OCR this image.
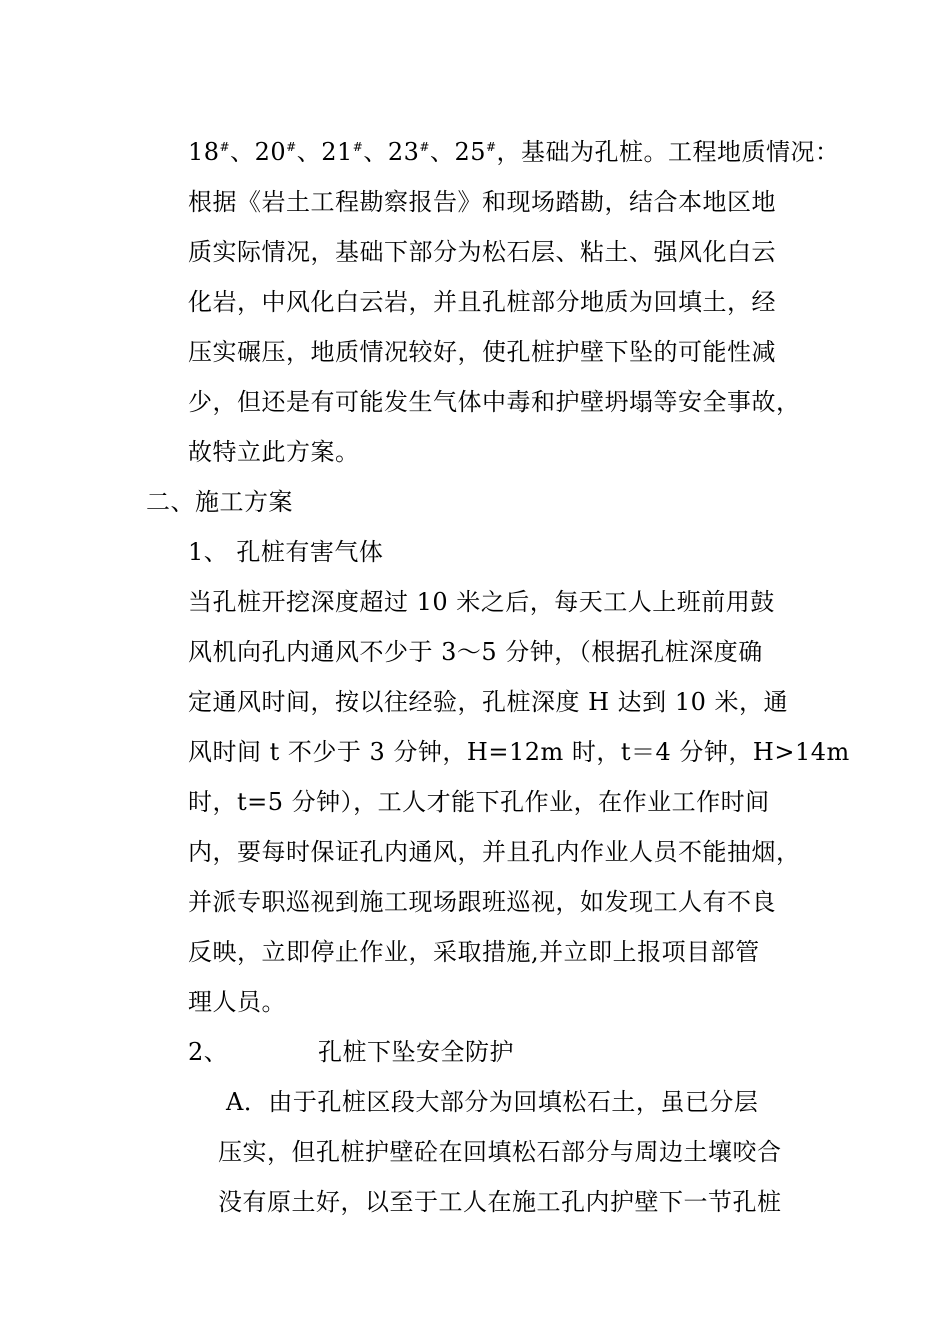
18#、20#、21#、23#、25#，基础为孔桩。工程地质情况：
根据《岩土工程勘察报告》和现场踏勘，结合本地区地
质实际情况，基础下部分为松石层、粘土、强风化白云
化岩，中风化白云岩，并且孔桩部分地质为回填土，经
压实碾压，地质情况较好，使孔桩护壁下坠的可能性减
少，但还是有可能发生气体中毒和护壁坍塌等安全事故，
故特立此方案。
二、施工方案
1、 孔桩有害气体
当孔桩开挖深度超过 10 米之后，每天工人上班前用鼓
风机向孔内通风不少于 3～5 分钟，（根据孔桩深度确
定通风时间，按以往经验，孔桩深度 H 达到 10 米，通
风时间 t 不少于 3 分钟，H=12m 时，t＝4 分钟，H>14m
时，t=5 分钟），工人才能下孔作业，在作业工作时间
内，要每时保证孔内通风，并且孔内作业人员不能抽烟，
并派专职巡视到施工现场跟班巡视，如发现工人有不良
反映，立即停止作业，采取措施,并立即上报项目部管
理人员。
2、	孔桩下坠安全防护
A．由于孔桩区段大部分为回填松石土，虽已分层
压实，但孔桩护壁砼在回填松石部分与周边土壤咬合
没有原土好，以至于工人在施工孔内护壁下一节孔桩
